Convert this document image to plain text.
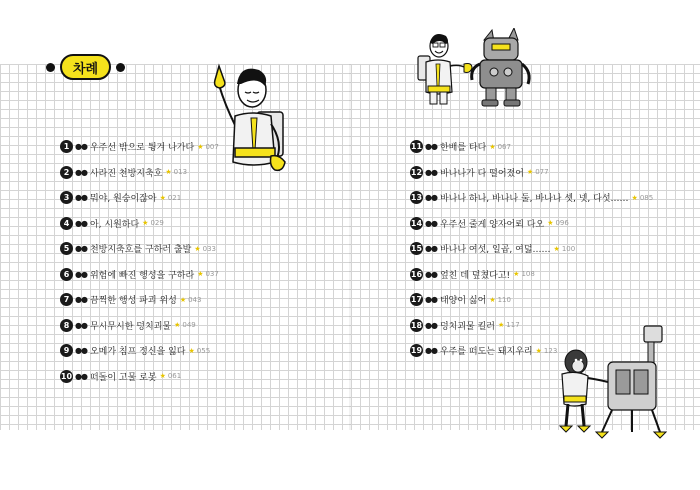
차례
1 ●● 우주선 밖으로 튕겨 나가다 ★ 007
2 ●● 사라진 천방지축호 ★ 013
3 ●● 뭐야, 원숭이잖아 ★ 021
4 ●● 아, 시원하다 ★ 029
5 ●● 천방지축호를 구하러 출발 ★ 033
6 ●● 위험에 빠진 행성을 구하라 ★ 037
7 ●● 끔찍한 행성 파괴 위성 ★ 043
8 ●● 무시무시한 덩치괴물 ★ 049
9 ●● 오메가 침프 정신을 잃다 ★ 055
10 ●● 떠돌이 고물 로봇 ★ 061
11 ●● 한배를 타다 ★ 067
12 ●● 바나나가 다 떨어졌어 ★ 077
13 ●● 바나나 하나, 바나나 둘, 바나나 셋, 넷, 다섯…… ★ 085
14 ●● 우주선 줄게 양자어뢰 다오 ★ 096
15 ●● 바나나 여섯, 일곱, 여덟…… ★ 100
16 ●● 엎친 데 덮쳤다고! ★ 108
17 ●● 태양이 싫어 ★ 110
18 ●● 덩치괴물 킬러 ★ 117
19 ●● 우주를 떠도는 돼지우리 ★ 123
